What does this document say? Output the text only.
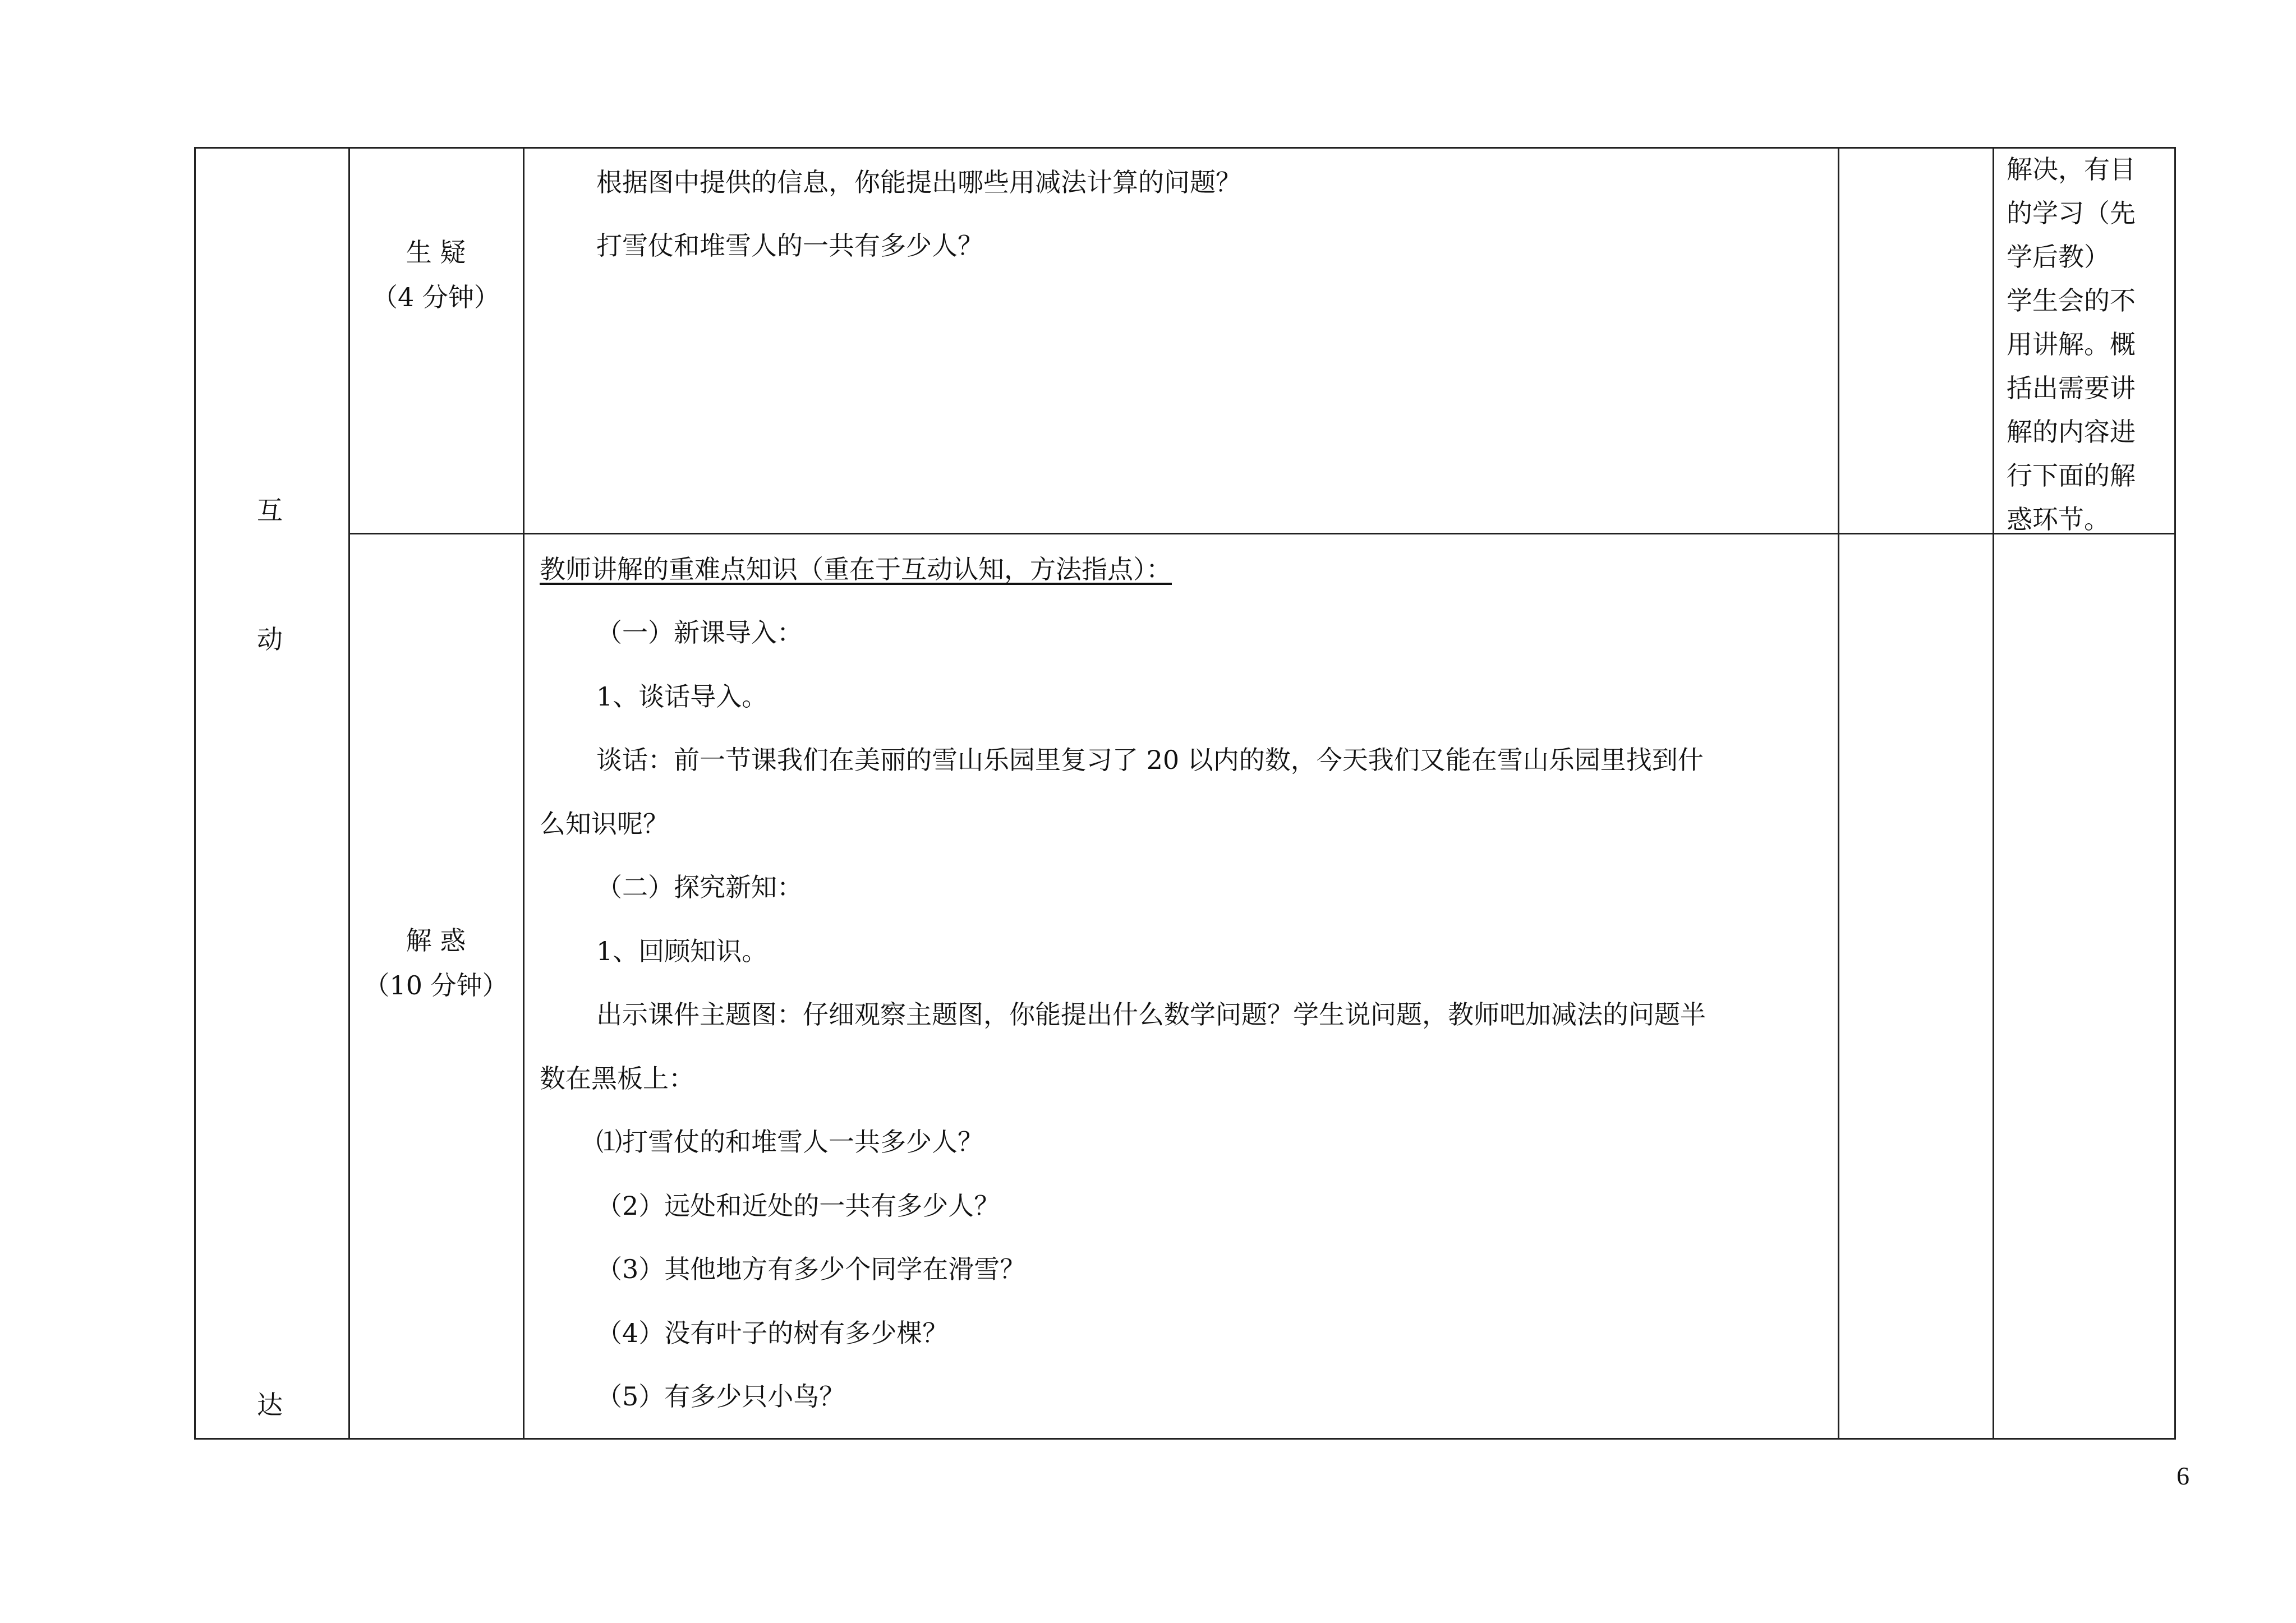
互
动
达
生 疑
（4 分钟）
解 惑
（10 分钟）
根据图中提供的信息，你能提出哪些用减法计算的问题？
打雪仗和堆雪人的一共有多少人？
解决，有目
的学习（先
学后教）
学生会的不
用讲解。概
括出需要讲
解的内容进
行下面的解
惑环节。
教师讲解的重难点知识（重在于互动认知，方法指点）：
（一）新课导入：
1、谈话导入。
谈话：前一节课我们在美丽的雪山乐园里复习了 20 以内的数，今天我们又能在雪山乐园里找到什
么知识呢？
（二）探究新知：
1、回顾知识。
出示课件主题图：仔细观察主题图，你能提出什么数学问题？学生说问题，教师吧加减法的问题半
数在黑板上：
⑴打雪仗的和堆雪人一共多少人？
（2）远处和近处的一共有多少人？
（3）其他地方有多少个同学在滑雪？
（4）没有叶子的树有多少棵？
（5）有多少只小鸟？
6
